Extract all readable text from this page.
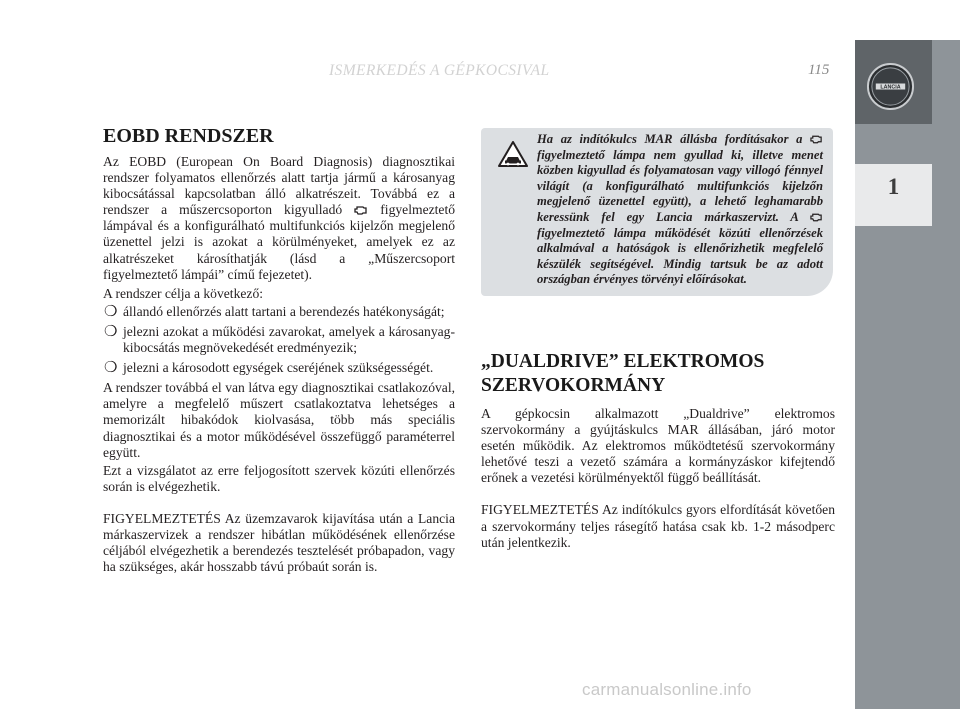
ISMERKEDÉS A GÉPKOCSIVAL	115
LANCIA
1
EOBD RENDSZER

Az EOBD (European On Board Diagnosis) diagnosztikai rendszer folyamatos ellenőrzés alatt tartja jármű a károsanyag kibocsátással kapcsolatban álló alkatrészeit. Továbbá ez a rendszer a műszercsoporton kigyulladó	figyelmeztető lámpával és a konfigurálható multifunkciós kijelzőn megjelenő üzenettel jelzi is azokat a körülményeket, amelyek ez az alkatrészeket károsíthatják (lásd a „Műszercsoport figyelmeztető lámpái” című fejezetet).

A rendszer célja a következő:

❍ állandó ellenőrzés alatt tartani a berendezés hatékonyságát;
❍ jelezni azokat a működési zavarokat, amelyek a károsanyag-kibocsátás megnövekedését eredményezik;
❍ jelezni a károsodott egységek cseréjének szükségességét.

A rendszer továbbá el van látva egy diagnosztikai csatlakozóval, amelyre a megfelelő műszert csatlakoztatva lehetséges a memorizált hibakódok kiolvasása, több más speciális diagnosztikai és a motor működésével összefüggő paraméterrel együtt.

Ezt a vizsgálatot az erre feljogosított szervek közúti ellenőrzés során is elvégezhetik.

FIGYELMEZTETÉS Az üzemzavarok kijavítása után a Lancia márkaszervizek a rendszer hibátlan működésének ellenőrzése céljából elvégezhetik a berendezés tesztelését próbapadon, vagy ha szükséges, akár hosszabb távú próbaút során is.

Ha az indítókulcs MAR állásba fordításakor a  figyelmeztető lámpa nem gyullad ki, illetve menet közben kigyullad és folyamatosan vagy villogó fénnyel világít (a konfigurálható multifunkciós kijelzőn megjelenő üzenettel együtt), a lehető leghamarabb keressünk fel egy Lancia márkaszervizt. A  figyelmeztető lámpa működését közúti ellenőrzések alkalmával a hatóságok is ellenőrizhetik megfelelő készülék segítségével. Mindig tartsuk be az adott országban érvényes törvényi előírásokat.
„DUALDRIVE” ELEKTROMOS
SZERVOKORMÁNY

A gépkocsin alkalmazott „Dualdrive” elektromos szervokormány a gyújtáskulcs MAR állásában, járó motor esetén működik. Az elektromos működtetésű szervokormány lehetővé teszi a vezető számára a kormányzáskor kifejtendő erőnek a vezetési körülményektől függő beállítását.

FIGYELMEZTETÉS Az indítókulcs gyors elfordítását követően a szervokormány teljes rásegítő hatása csak kb. 1-2 másodperc után jelentkezik.

carmanualsonline.info
